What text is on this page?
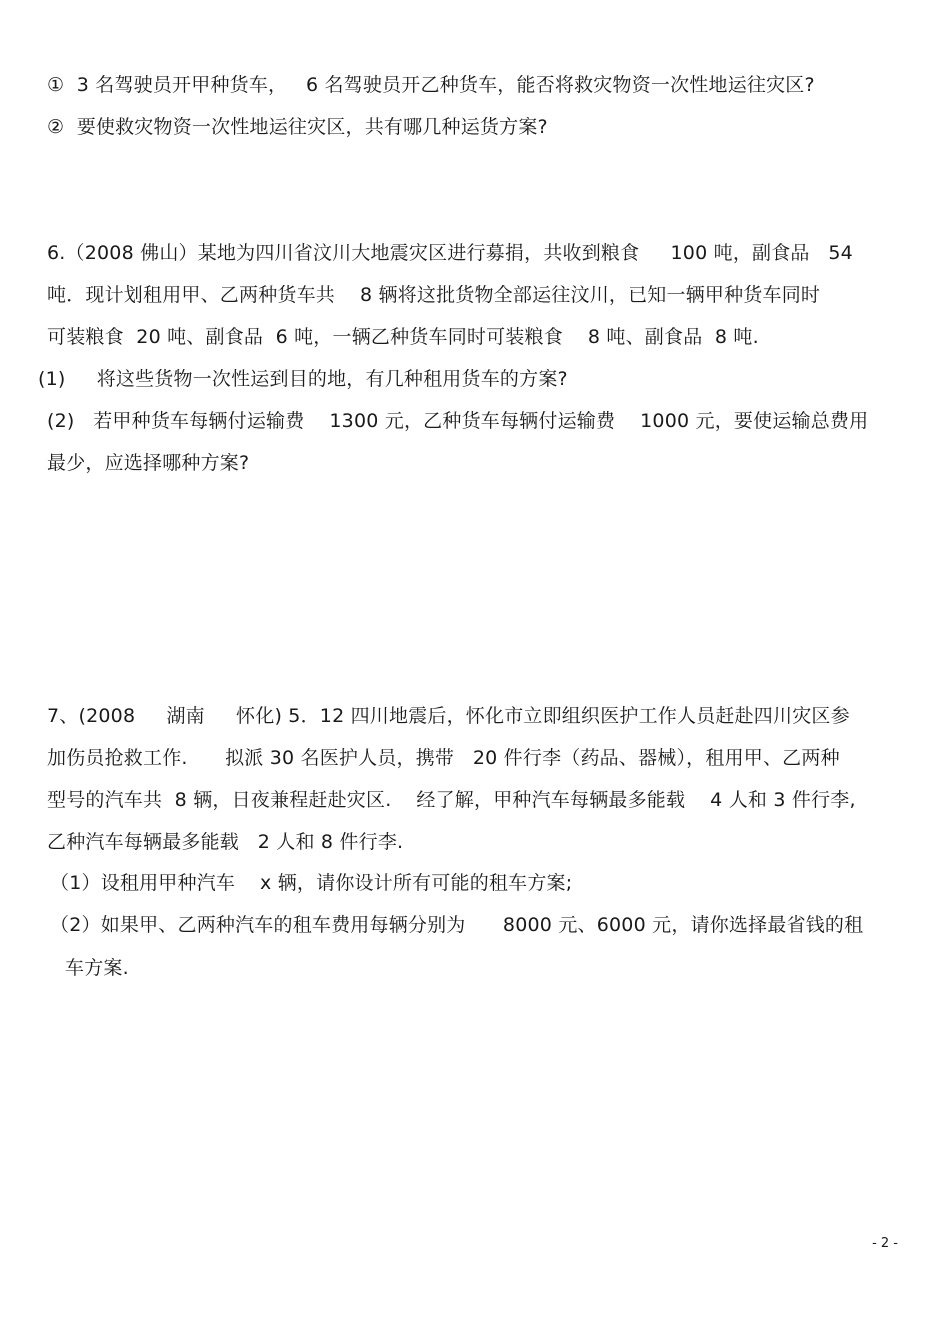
①  3 名驾驶员开甲种货车，   6 名驾驶员开乙种货车，能否将救灾物资一次性地运往灾区?
②  要使救灾物资一次性地运往灾区，共有哪几种运货方案?
6.（2008 佛山）某地为四川省汶川大地震灾区进行募捐，共收到粮食     100 吨，副食品   54
吨．现计划租用甲、乙两种货车共    8 辆将这批货物全部运往汶川，已知一辆甲种货车同时
可装粮食  20 吨、副食品  6 吨，一辆乙种货车同时可装粮食    8 吨、副食品  8 吨.
(1)     将这些货物一次性运到目的地，有几种租用货车的方案?
(2)   若甲种货车每辆付运输费    1300 元，乙种货车每辆付运输费    1000 元，要使运输总费用
最少，应选择哪种方案?
7、(2008     湖南     怀化) 5．12 四川地震后，怀化市立即组织医护工作人员赶赴四川灾区参
加伤员抢救工作.      拟派 30 名医护人员，携带   20 件行李（药品、器械），租用甲、乙两种
型号的汽车共  8 辆，日夜兼程赶赴灾区.    经了解，甲种汽车每辆最多能载    4 人和 3 件行李,
乙种汽车每辆最多能载   2 人和 8 件行李.
（1）设租用甲种汽车    x 辆，请你设计所有可能的租车方案;
（2）如果甲、乙两种汽车的租车费用每辆分别为      8000 元、6000 元，请你选择最省钱的租
车方案.
- 2 -
